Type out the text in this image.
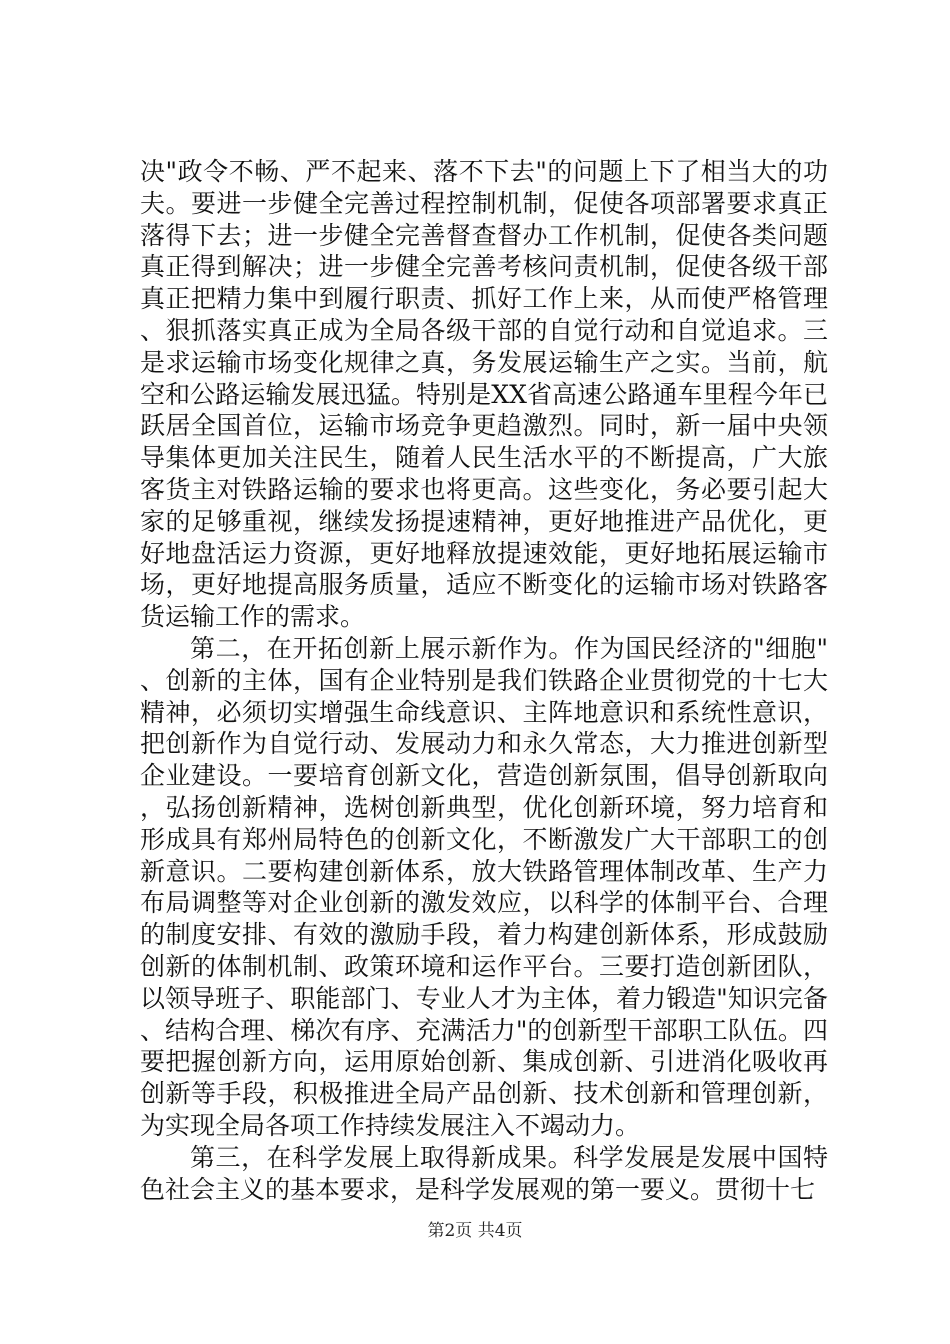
决"政令不畅、严不起来、落不下去"的问题上下了相当大的功夫。要进一步健全完善过程控制机制，促使各项部署要求真正落得下去；进一步健全完善督查督办工作机制，促使各类问题真正得到解决；进一步健全完善考核问责机制，促使各级干部真正把精力集中到履行职责、抓好工作上来，从而使严格管理、狠抓落实真正成为全局各级干部的自觉行动和自觉追求。三是求运输市场变化规律之真，务发展运输生产之实。当前，航空和公路运输发展迅猛。特别是XX省高速公路通车里程今年已跃居全国首位，运输市场竞争更趋激烈。同时，新一届中央领导集体更加关注民生，随着人民生活水平的不断提高，广大旅客货主对铁路运输的要求也将更高。这些变化，务必要引起大家的足够重视，继续发扬提速精神，更好地推进产品优化，更好地盘活运力资源，更好地释放提速效能，更好地拓展运输市场，更好地提高服务质量，适应不断变化的运输市场对铁路客货运输工作的需求。

第二，在开拓创新上展示新作为。作为国民经济的"细胞"、创新的主体，国有企业特别是我们铁路企业贯彻党的十七大精神，必须切实增强生命线意识、主阵地意识和系统性意识，把创新作为自觉行动、发展动力和永久常态，大力推进创新型企业建设。一要培育创新文化，营造创新氛围，倡导创新取向，弘扬创新精神，选树创新典型，优化创新环境，努力培育和形成具有郑州局特色的创新文化，不断激发广大干部职工的创新意识。二要构建创新体系，放大铁路管理体制改革、生产力布局调整等对企业创新的激发效应，以科学的体制平台、合理的制度安排、有效的激励手段，着力构建创新体系，形成鼓励创新的体制机制、政策环境和运作平台。三要打造创新团队，以领导班子、职能部门、专业人才为主体，着力锻造"知识完备、结构合理、梯次有序、充满活力"的创新型干部职工队伍。四要把握创新方向，运用原始创新、集成创新、引进消化吸收再创新等手段，积极推进全局产品创新、技术创新和管理创新，为实现全局各项工作持续发展注入不竭动力。

第三，在科学发展上取得新成果。科学发展是发展中国特色社会主义的基本要求，是科学发展观的第一要义。贯彻十七

第2页 共4页
